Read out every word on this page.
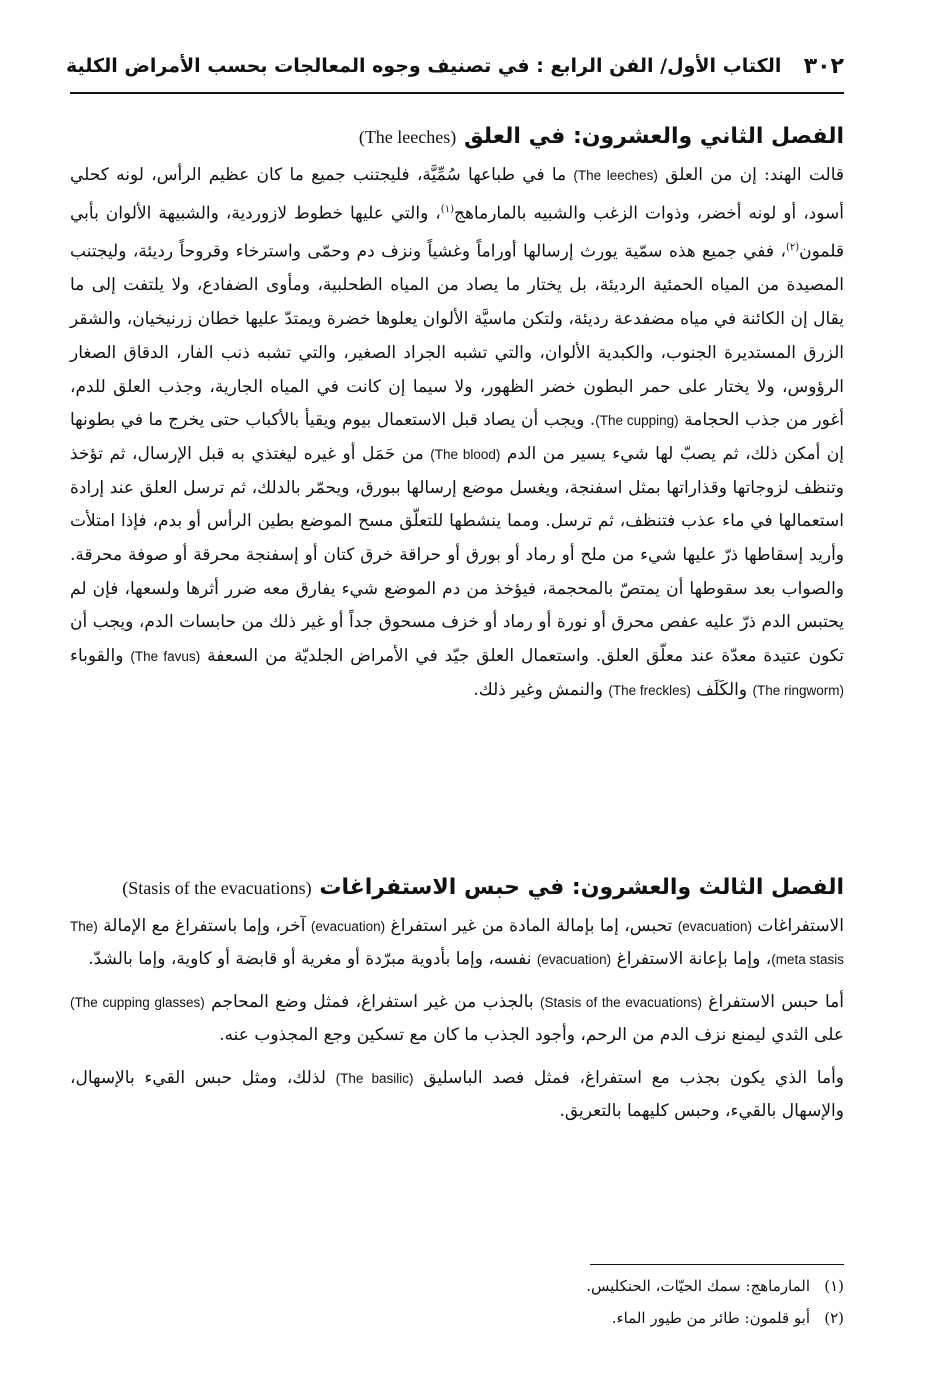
٣٠٢
الكتاب الأول/ الفن الرابع : في تصنيف وجوه المعالجات بحسب الأمراض الكلية
الفصل الثاني والعشرون: في العلق (The leeches)

قالت الهند: إن من العلق (The leeches) ما في طباعها سُمِّيَّة، فليجتنب جميع ما كان عظيم الرأس، لونه كحلي أسود، أو لونه أخضر، وذوات الزغب والشبيه بالمارماهج$^{(١)}$، والتي عليها خطوط لازوردية، والشبيهة الألوان بأبي قلمون$^{(٢)}$، ففي جميع هذه سمّية يورث إرسالها أوراماً وغشياً ونزف دم وحمّى واسترخاء وقروحاً رديئة، وليجتنب المصيدة من المياه الحمئية الرديئة، بل يختار ما يصاد من المياه الطحلبية، ومأوى الضفادع، ولا يلتفت إلى ما يقال إن الكائنة في مياه مضفدعة رديئة، ولتكن ماسيَّة الألوان يعلوها خضرة ويمتدّ عليها خطان زرنيخيان، والشقر الزرق المستديرة الجنوب، والكبدية الألوان، والتي تشبه الجراد الصغير، والتي تشبه ذنب الفار، الدقاق الصغار الرؤوس، ولا يختار على حمر البطون خضر الظهور، ولا سيما إن كانت في المياه الجارية، وجذب العلق للدم، أغور من جذب الحجامة (The cupping). ويجب أن يصاد قبل الاستعمال بيوم ويقيأ بالأكباب حتى يخرج ما في بطونها إن أمكن ذلك، ثم يصبّ لها شيء يسير من الدم (The blood) من حَمَل أو غيره ليغتذي به قبل الإرسال، ثم تؤخذ وتنظف لزوجاتها وقذاراتها بمثل اسفنجة، ويغسل موضع إرسالها ببورق، ويحمّر بالدلك، ثم ترسل العلق عند إرادة استعمالها في ماء عذب فتنظف، ثم ترسل. ومما ينشطها للتعلّق مسح الموضع بطين الرأس أو بدم، فإذا امتلأت وأريد إسقاطها ذرّ عليها شيء من ملح أو رماد أو بورق أو حراقة خرق كتان أو إسفنجة محرقة أو صوفة محرقة. والصواب بعد سقوطها أن يمتصّ بالمحجمة، فيؤخذ من دم الموضع شيء يفارق معه ضرر أثرها ولسعها، فإن لم يحتبس الدم ذرّ عليه عفص محرق أو نورة أو رماد أو خزف مسحوق جداً أو غير ذلك من حابسات الدم، ويجب أن تكون عتيدة معدّة عند معلّق العلق. واستعمال العلق جيّد في الأمراض الجلديّة من السعفة (The favus) والقوباء (The ringworm) والكَلَف (The freckles) والنمش وغير ذلك.

الفصل الثالث والعشرون: في حبس الاستفراغات (Stasis of the evacuations)

الاستفراغات (evacuation) تحبس، إما بإمالة المادة من غير استفراغ (evacuation) آخر، وإما باستفراغ مع الإمالة (The meta stasis)، وإما بإعانة الاستفراغ (evacuation) نفسه، وإما بأدوية مبرّدة أو مغرية أو قابضة أو كاوية، وإما بالشدّ.

أما حبس الاستفراغ (Stasis of the evacuations) بالجذب من غير استفراغ، فمثل وضع المحاجم (The cupping glasses) على الثدي ليمنع نزف الدم من الرحم، وأجود الجذب ما كان مع تسكين وجع المجذوب عنه.

وأما الذي يكون بجذب مع استفراغ، فمثل فصد الباسليق (The basilic) لذلك، ومثل حبس القيء بالإسهال، والإسهال بالقيء، وحبس كليهما بالتعريق.

(١)المارماهج: سمك الحيّات، الحنكليس.
(٢)أبو قلمون: طائر من طيور الماء.
